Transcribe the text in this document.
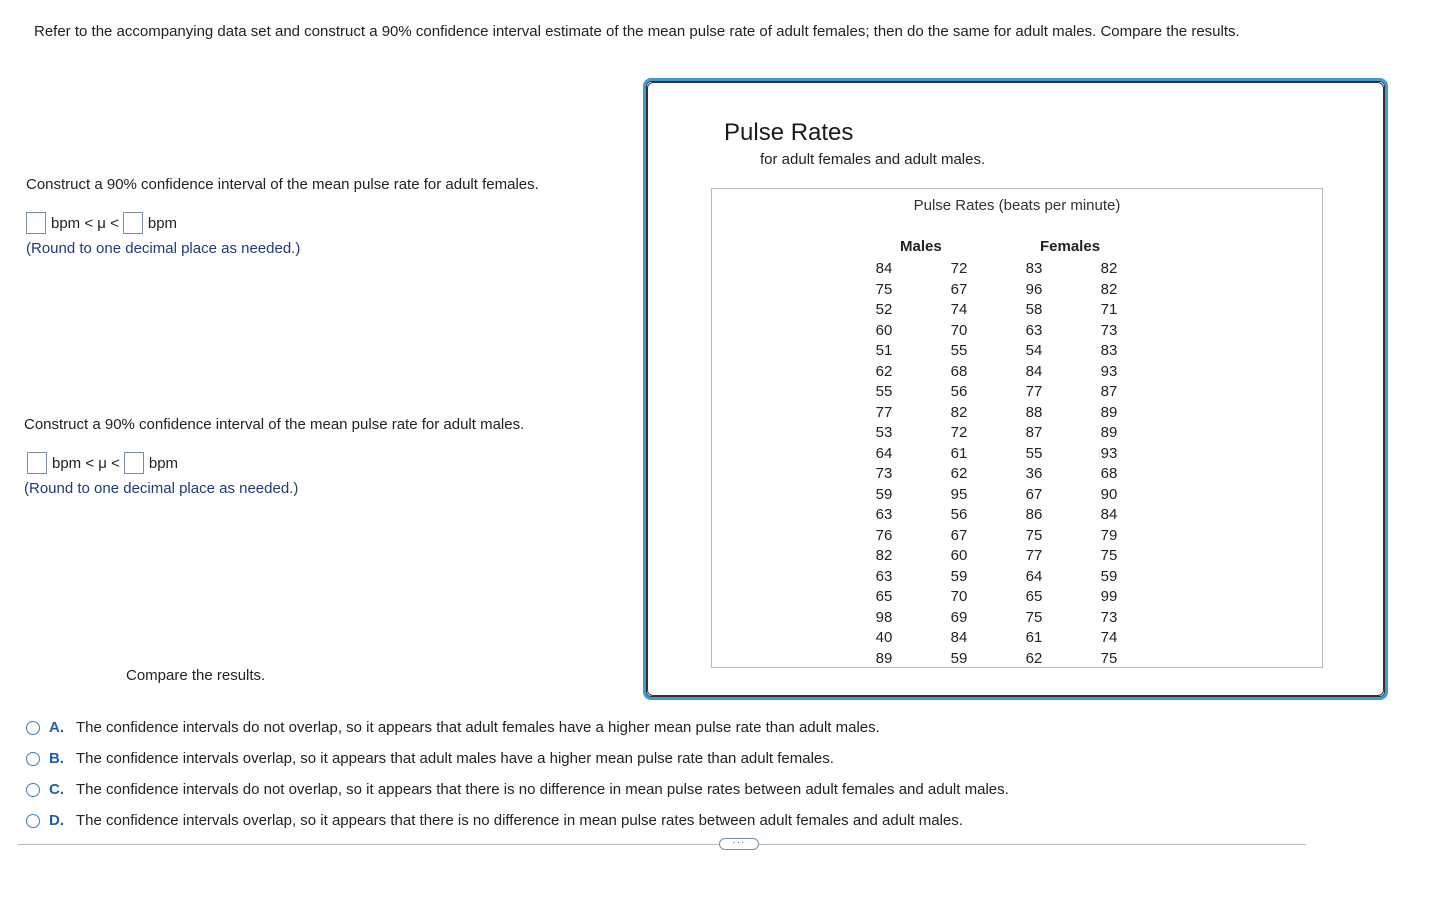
Refer to the accompanying data set and construct a 90% confidence interval estimate of the mean pulse rate of adult females; then do the same for adult males. Compare the results.
Construct a 90% confidence interval of the mean pulse rate for adult females.
bpm < μ < bpm
(Round to one decimal place as needed.)
Construct a 90% confidence interval of the mean pulse rate for adult males.
bpm < μ < bpm
(Round to one decimal place as needed.)
Pulse Rates
for adult females and adult males.
Pulse Rates (beats per minute)
Males	Females
84
75
52
60
51
62
55
77
53
64
73
59
63
76
82
63
65
98
40
89
72
67
74
70
55
68
56
82
72
61
62
95
56
67
60
59
70
69
84
59
83
96
58
63
54
84
77
88
87
55
36
67
86
75
77
64
65
75
61
62
82
82
71
73
83
93
87
89
89
93
68
90
84
79
75
59
99
73
74
75
Compare the results.
A. The confidence intervals do not overlap, so it appears that adult females have a higher mean pulse rate than adult males.
B. The confidence intervals overlap, so it appears that adult males have a higher mean pulse rate than adult females.
C. The confidence intervals do not overlap, so it appears that there is no difference in mean pulse rates between adult females and adult males.
D. The confidence intervals overlap, so it appears that there is no difference in mean pulse rates between adult females and adult males.
···
